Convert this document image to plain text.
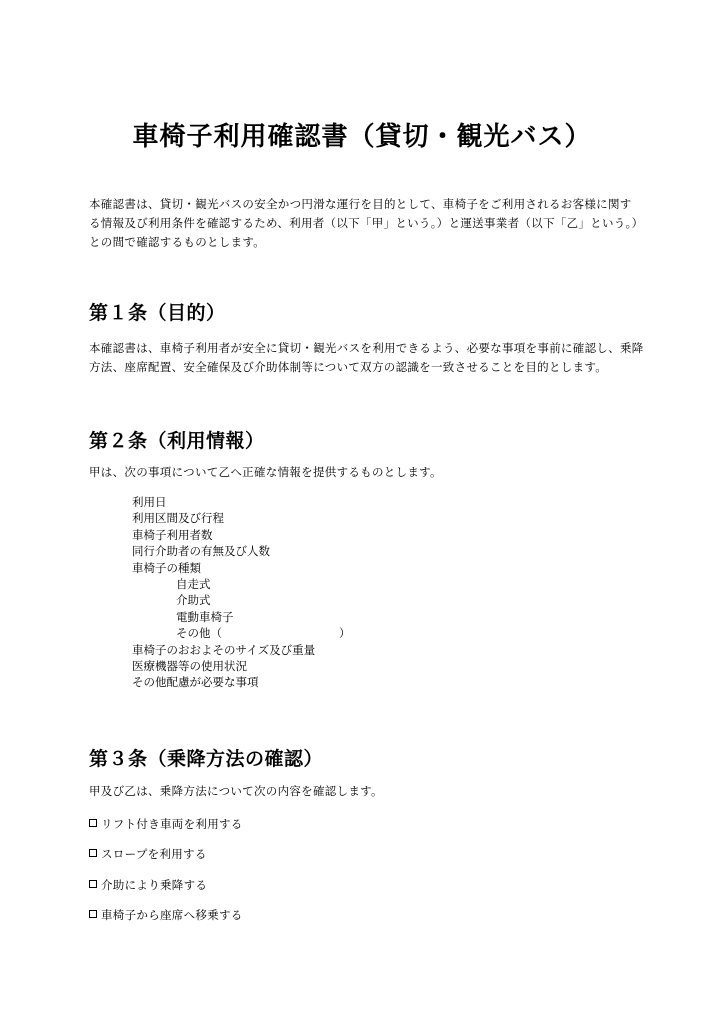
車椅子利用確認書（貸切・観光バス）

本確認書は、貸切・観光バスの安全かつ円滑な運行を目的として、車椅子をご利用されるお客様に関する情報及び利用条件を確認するため、利用者（以下「甲」という。）と運送事業者（以下「乙」という。）との間で確認するものとします。

第１条（目的）

本確認書は、車椅子利用者が安全に貸切・観光バスを利用できるよう、必要な事項を事前に確認し、乗降方法、座席配置、安全確保及び介助体制等について双方の認識を一致させることを目的とします。

第２条（利用情報）

甲は、次の事項について乙へ正確な情報を提供するものとします。

利用日
利用区間及び行程
車椅子利用者数
同行介助者の有無及び人数
車椅子の種類
自走式
介助式
電動車椅子
その他（	）
車椅子のおおよそのサイズ及び重量
医療機器等の使用状況
その他配慮が必要な事項
第３条（乗降方法の確認）

甲及び乙は、乗降方法について次の内容を確認します。

リフト付き車両を利用する
スロープを利用する
介助により乗降する
車椅子から座席へ移乗する
